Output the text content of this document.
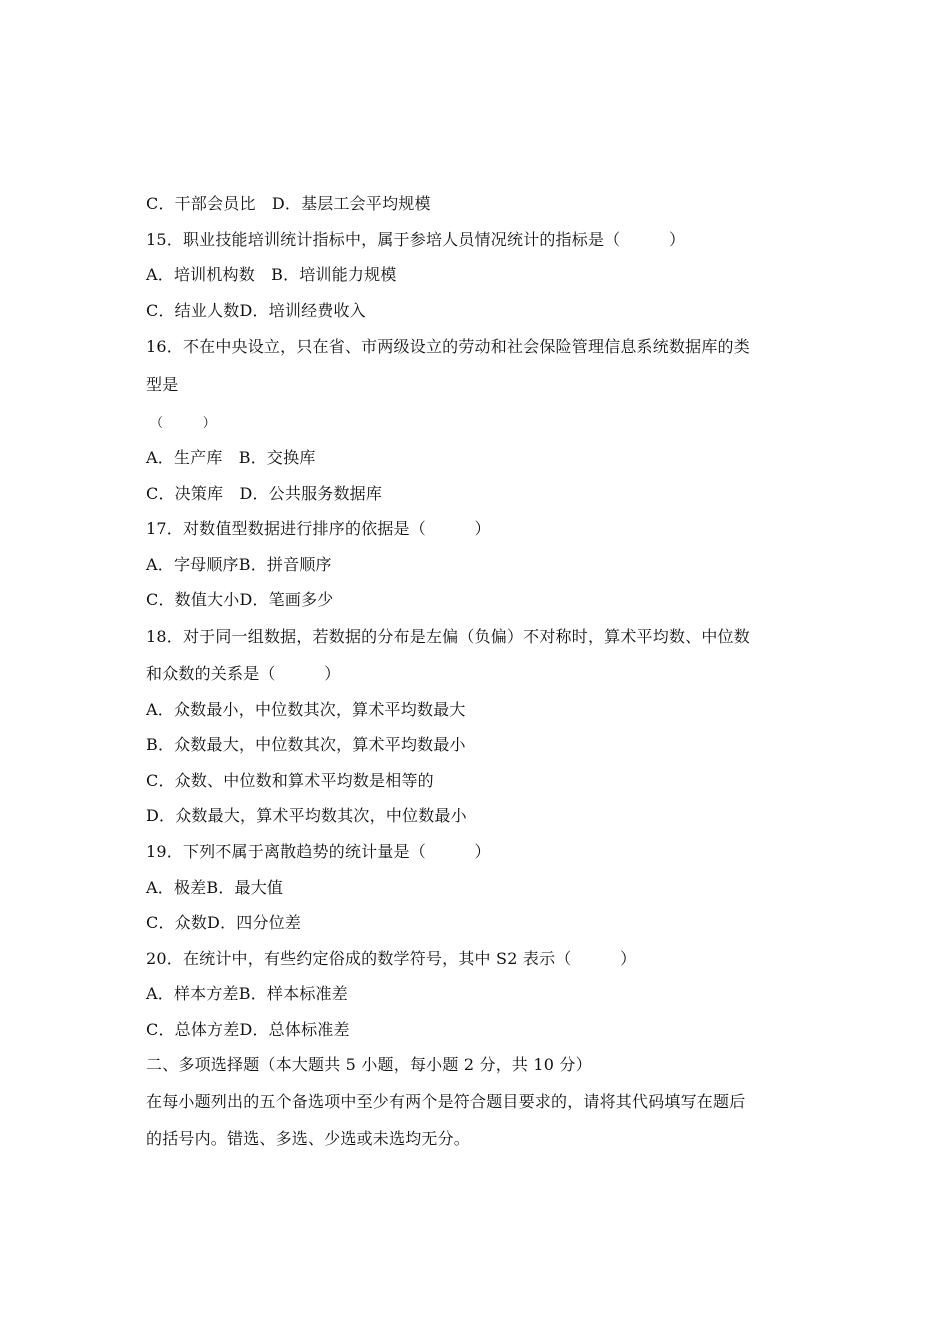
C．干部会员比　D．基层工会平均规模
15．职业技能培训统计指标中，属于参培人员情况统计的指标是（　　　）
A．培训机构数　B．培训能力规模
C．结业人数D．培训经费收入
16．不在中央设立，只在省、市两级设立的劳动和社会保险管理信息系统数据库的类
型是
（　　　）
A．生产库　B．交换库
C．决策库　D．公共服务数据库
17．对数值型数据进行排序的依据是（　　　）
A．字母顺序B．拼音顺序
C．数值大小D．笔画多少
18．对于同一组数据，若数据的分布是左偏（负偏）不对称时，算术平均数、中位数
和众数的关系是（　　　）
A．众数最小，中位数其次，算术平均数最大
B．众数最大，中位数其次，算术平均数最小
C．众数、中位数和算术平均数是相等的
D．众数最大，算术平均数其次，中位数最小
19．下列不属于离散趋势的统计量是（　　　）
A．极差B．最大值
C．众数D．四分位差
20．在统计中，有些约定俗成的数学符号，其中 S2 表示（　　　）
A．样本方差B．样本标准差
C．总体方差D．总体标准差
二、多项选择题（本大题共 5 小题，每小题 2 分，共 10 分）
在每小题列出的五个备选项中至少有两个是符合题目要求的，请将其代码填写在题后
的括号内。错选、多选、少选或未选均无分。
